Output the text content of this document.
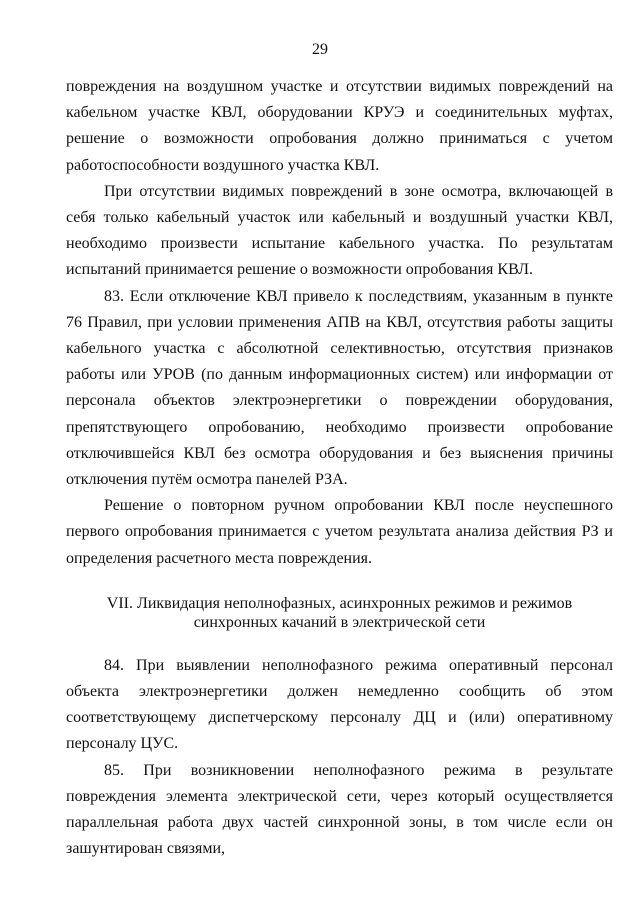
29

повреждения на воздушном участке и отсутствии видимых повреждений на кабельном участке КВЛ, оборудовании КРУЭ и соединительных муфтах, решение о возможности опробования должно приниматься с учетом работоспособности воздушного участка КВЛ.

При отсутствии видимых повреждений в зоне осмотра, включающей в себя только кабельный участок или кабельный и воздушный участки КВЛ, необходимо произвести испытание кабельного участка. По результатам испытаний принимается решение о возможности опробования КВЛ.

83. Если отключение КВЛ привело к последствиям, указанным в пункте 76 Правил, при условии применения АПВ на КВЛ, отсутствия работы защиты кабельного участка с абсолютной селективностью, отсутствия признаков работы или УРОВ (по данным информационных систем) или информации от персонала объектов электроэнергетики о повреждении оборудования, препятствующего опробованию, необходимо произвести опробование отключившейся КВЛ без осмотра оборудования и без выяснения причины отключения путём осмотра панелей РЗА.

Решение о повторном ручном опробовании КВЛ после неуспешного первого опробования принимается с учетом результата анализа действия РЗ и определения расчетного места повреждения.

VII. Ликвидация неполнофазных, асинхронных режимов и режимов
синхронных качаний в электрической сети

84. При выявлении неполнофазного режима оперативный персонал объекта электроэнергетики должен немедленно сообщить об этом соответствующему диспетчерскому персоналу ДЦ и (или) оперативному персоналу ЦУС.

85. При возникновении неполнофазного режима в результате повреждения элемента электрической сети, через который осуществляется параллельная работа двух частей синхронной зоны, в том числе если он зашунтирован связями,
